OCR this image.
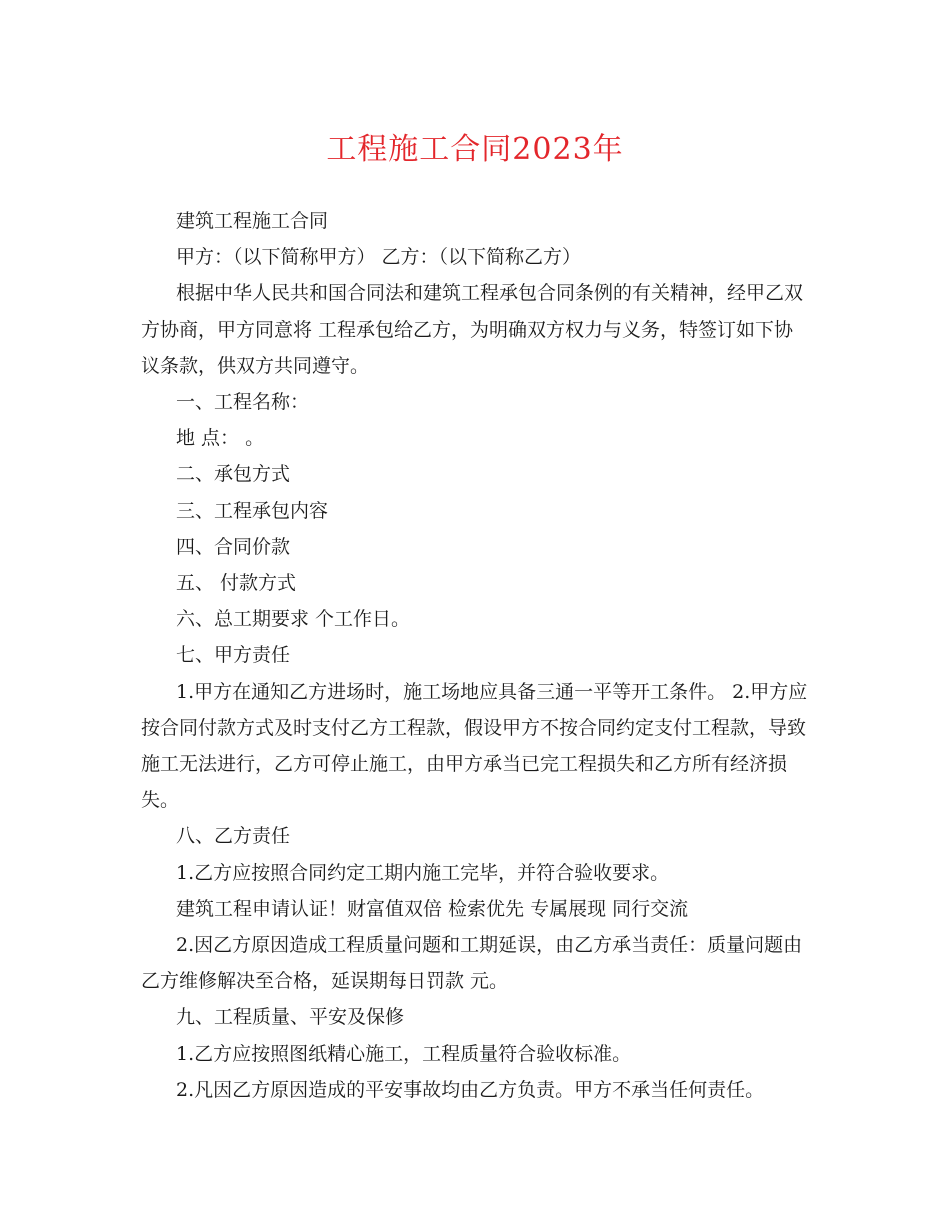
工程施工合同2023年

建筑工程施工合同

甲方：（以下简称甲方） 乙方：（以下简称乙方）

根据中华人民共和国合同法和建筑工程承包合同条例的有关精神，经甲乙双方协商，甲方同意将 工程承包给乙方，为明确双方权力与义务，特签订如下协议条款，供双方共同遵守。

一、工程名称：

地 点： 。

二、承包方式

三、工程承包内容

四、合同价款

五、 付款方式

六、总工期要求 个工作日。

七、甲方责任

1.甲方在通知乙方进场时，施工场地应具备三通一平等开工条件。 2.甲方应按合同付款方式及时支付乙方工程款，假设甲方不按合同约定支付工程款，导致施工无法进行，乙方可停止施工，由甲方承当已完工程损失和乙方所有经济损失。

八、乙方责任

1.乙方应按照合同约定工期内施工完毕，并符合验收要求。

建筑工程申请认证！财富值双倍 检索优先 专属展现 同行交流

2.因乙方原因造成工程质量问题和工期延误，由乙方承当责任：质量问题由乙方维修解决至合格，延误期每日罚款 元。

九、工程质量、平安及保修

1.乙方应按照图纸精心施工，工程质量符合验收标准。

2.凡因乙方原因造成的平安事故均由乙方负责。甲方不承当任何责任。
